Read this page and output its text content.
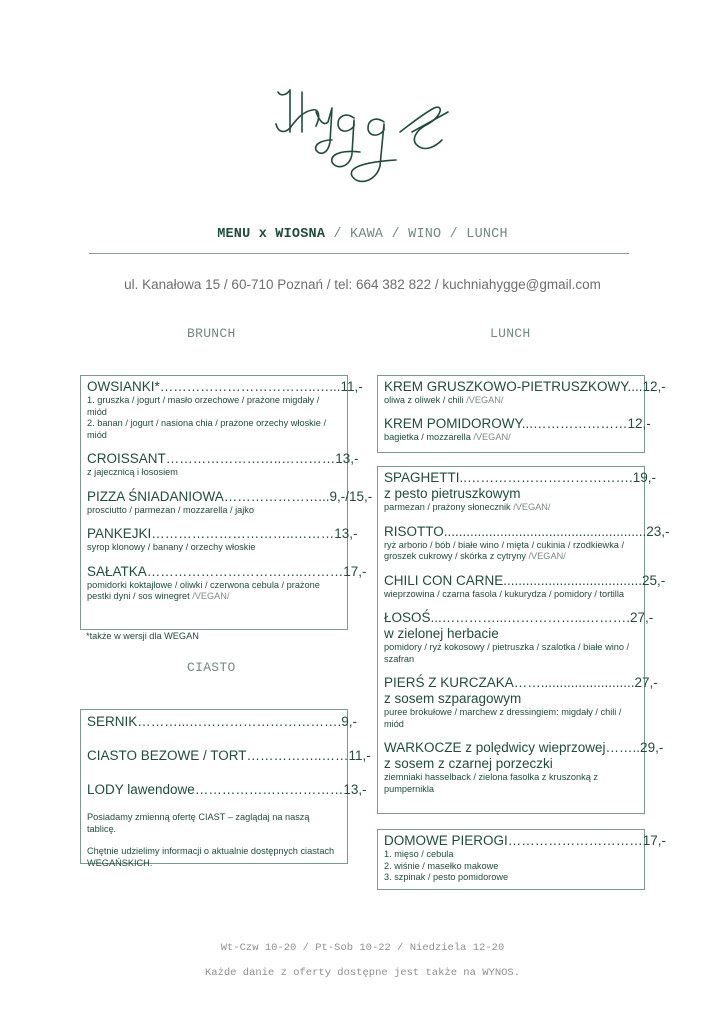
MENU x WIOSNA / KAWA / WINO / LUNCH
ul. Kanałowa 15 / 60-710 Poznań / tel: 664 382 822 / kuchniahygge@gmail.com
BRUNCH	LUNCH
OWSIANKI*……………………………..…...11,-
1. gruszka / jogurt / masło orzechowe / prażone migdały / miód
2. banan / jogurt / nasiona chia / prażone orzechy włoskie / miód
CROISSANT……………………..…………13,-
z jajecznicą i łososiem
PIZZA ŚNIADANIOWA…………………...9,-/15,-
prosciutto / parmezan / mozzarella / jajko
PANKEJKI…………………………..………13,-
syrop klonowy / banany / orzechy włoskie
SAŁATKA……………………………..………17,-
pomidorki koktajlowe / oliwki / czerwona cebula / prażone pestki dyni / sos winegret /VEGAN/
*także w wersji dla WEGAN
CIASTO
SERNIK………...…………………………….9,-
CIASTO BEZOWE / TORT……………..……11,-
LODY lawendowe……………………………13,-
Posiadamy zmienną ofertę CIAST – zaglądaj na naszą tablicę.
Chętnie udzielimy informacji o aktualnie dostępnych ciastach WEGAŃSKICH.
KREM GRUSZKOWO-PIETRUSZKOWY....12,-
oliwa z oliwek / chili /VEGAN/
KREM POMIDOROWY...…………………12,-
bagietka / mozzarella /VEGAN/
SPAGHETTI..……………………………….19,-
z pesto pietruszkowym
parmezan / prażony słonecznik /VEGAN/
RISOTTO......................................................23,-
ryż arborio / bób / białe wino / mięta / cukinia / rzodkiewka / groszek cukrowy / skórka z cytryny /VEGAN/
CHILI CON CARNE.....................................25,-
wieprzowina / czarna fasola / kukurydza / pomidory / tortilla
ŁOSOŚ...…………...……………...……….27,-
w zielonej herbacie
pomidory / ryż kokosowy / pietruszka / szalotka / białe wino / szafran
PIERŚ Z KURCZAKA…….........................27,-
z sosem szparagowym
puree brokułowe / marchew z dressingiem: migdały / chili / miód
WARKOCZE z polędwicy wieprzowej……..29,-
z sosem z czarnej porzeczki
ziemniaki hasselback / zielona fasolka z kruszonką z pumpernikla
DOMOWE PIEROGI…………………………17,-
1. mięso / cebula
2. wiśnie / masełko makowe
3. szpinak / pesto pomidorowe
Wt-Czw 10-20 / Pt-Sob 10-22 / Niedziela 12-20
Każde danie z oferty dostępne jest także na WYNOS.
